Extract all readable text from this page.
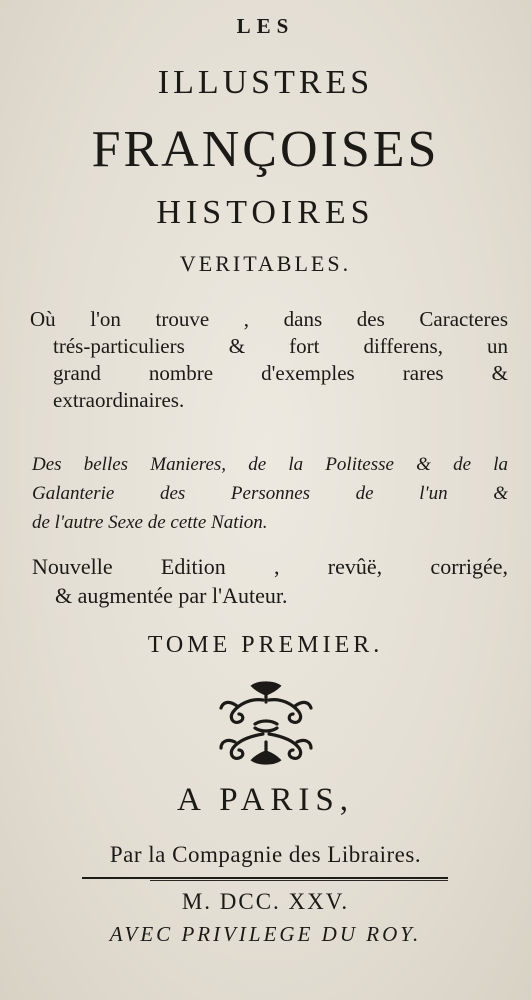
LES
ILLUSTRES
FRANÇOISES
HISTOIRES
VERITABLES.
Où l'on trouve , dans des Caracteres
trés-particuliers & fort differens, un
grand nombre d'exemples rares &
extraordinaires.
Des belles Manieres, de la Politesse & de la
Galanterie des Personnes de l'un &
de l'autre Sexe de cette Nation.
Nouvelle Edition , revûë, corrigée,
& augmentée par l'Auteur.
TOME PREMIER.
A PARIS,
Par la Compagnie des Libraires.
M. DCC. XXV.
AVEC PRIVILEGE DU ROY.
